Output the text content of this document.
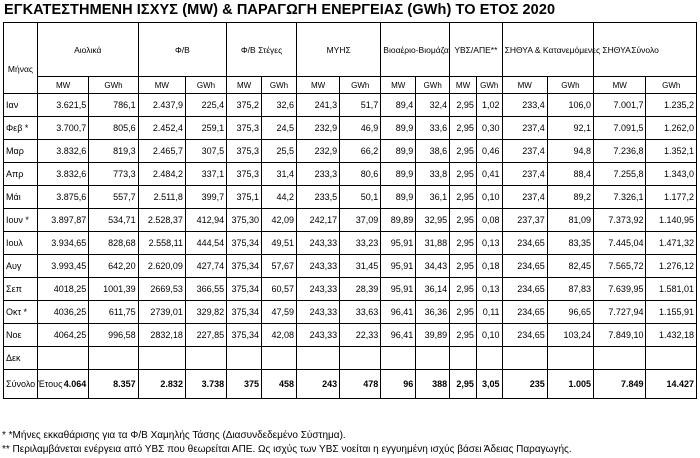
ΕΓΚΑΤΕΣΤΗΜΕΝΗ ΙΣΧΥΣ (MW) & ΠΑΡΑΓΩΓΗ ΕΝΕΡΓΕΙΑΣ (GWh) ΤΟ ΕΤΟΣ 2020
Μήνας	Αιολικά		Φ/Β		Φ/Β Στέγες		ΜΥΗΣ		Βιοαέριο-Βιομάζα		ΥΒΣ/ΑΠΕ**		ΣΗΘΥΑ & Κατανεμόμενες ΣΗΘΥΑ		Σύνολο	
	MW	GWh	MW	GWh	MW	GWh	MW	GWh	MW	GWh	MW	GWh	MW	GWh	MW	GWh
Ιαν	3.621,5	786,1	2.437,9	225,4	375,2	32,6	241,3	51,7	89,4	32,4	2,95	1,02	233,4	106,0	7.001,7	1.235,2
Φεβ *	3.700,7	805,6	2.452,4	259,1	375,3	24,5	232,9	46,9	89,9	33,6	2,95	0,30	237,4	92,1	7.091,5	1.262,0
Μαρ	3.832,6	819,3	2.465,7	307,5	375,3	25,5	232,9	66,2	89,9	38,6	2,95	0,46	237,4	94,8	7.236,8	1.352,1
Απρ	3.832,6	773,3	2.484,2	337,1	375,3	31,4	233,3	80,6	89,9	33,8	2,95	0,41	237,4	88,4	7.255,8	1.343,0
Μάι	3.875,6	557,7	2.511,8	399,7	375,1	44,2	233,5	50,1	89,9	36,1	2,95	0,10	237,4	89,2	7.326,1	1.177,2
Ιουν *	3.897,87	534,71	2.528,37	412,94	375,30	42,09	242,17	37,09	89,89	32,95	2,95	0,08	237,37	81,09	7.373,92	1.140,95
Ιουλ	3.934,65	828,68	2.558,11	444,54	375,34	49,51	243,33	33,23	95,91	31,88	2,95	0,13	234,65	83,35	7.445,04	1.471,32
Αυγ	3.993,45	642,20	2.620,09	427,74	375,34	57,67	243,33	31,45	95,91	34,43	2,95	0,18	234,65	82,45	7.565,72	1.276,12
Σεπ	4018,25	1001,39	2669,53	366,55	375,34	60,57	243,33	28,39	95,91	36,14	2,95	0,13	234,65	87,83	7.639,95	1.581,01
Οκτ *	4036,25	611,75	2739,01	329,82	375,34	47,59	243,33	33,63	96,41	36,36	2,95	0,11	234,65	96,65	7.727,94	1.155,91
Νοε	4064,25	996,58	2832,18	227,85	375,34	42,08	243,33	22,33	96,41	39,89	2,95	0,10	234,65	103,24	7.849,10	1.432,18
Δεκ																
Σύνολο Έτους	4.064	8.357	2.832	3.738	375	458	243	478	96	388	2,95	3,05	235	1.005	7.849	14.427
* *Μήνες εκκαθάρισης για τα Φ/Β Χαμηλής Τάσης (Διασυνδεδεμένο Σύστημα).
** Περιλαμβάνεται ενέργεια από ΥΒΣ που θεωρείται ΑΠΕ. Ως ισχύς των ΥΒΣ νοείται η εγγυημένη ισχύς βάσει Άδειας Παραγωγής.
